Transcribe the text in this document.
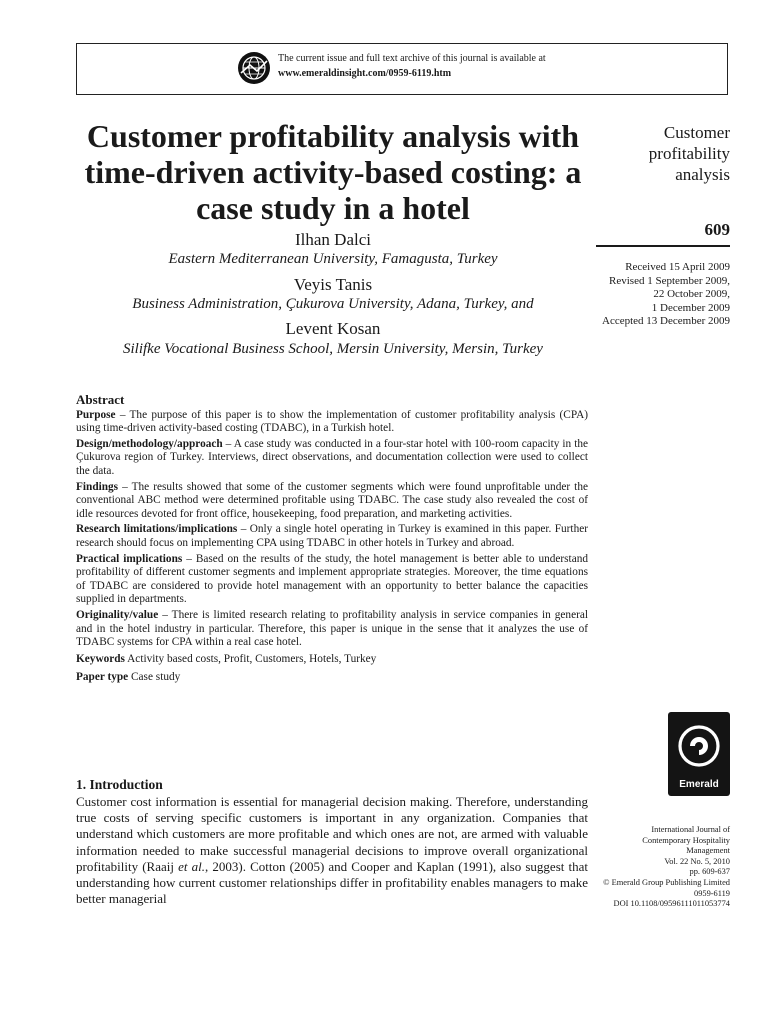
The current issue and full text archive of this journal is available at
www.emeraldinsight.com/0959-6119.htm
Customer profitability analysis with time-driven activity-based costing: a case study in a hotel
Ilhan Dalci
Eastern Mediterranean University, Famagusta, Turkey
Veyis Tanis
Business Administration, Çukurova University, Adana, Turkey, and
Levent Kosan
Silifke Vocational Business School, Mersin University, Mersin, Turkey
Customer profitability analysis
609
Received 15 April 2009
Revised 1 September 2009,
22 October 2009,
1 December 2009
Accepted 13 December 2009
Abstract

Purpose – The purpose of this paper is to show the implementation of customer profitability analysis (CPA) using time-driven activity-based costing (TDABC), in a Turkish hotel.

Design/methodology/approach – A case study was conducted in a four-star hotel with 100-room capacity in the Çukurova region of Turkey. Interviews, direct observations, and documentation collection were used to collect the data.

Findings – The results showed that some of the customer segments which were found unprofitable under the conventional ABC method were determined profitable using TDABC. The case study also revealed the cost of idle resources devoted for front office, housekeeping, food preparation, and marketing activities.

Research limitations/implications – Only a single hotel operating in Turkey is examined in this paper. Further research should focus on implementing CPA using TDABC in other hotels in Turkey and abroad.

Practical implications – Based on the results of the study, the hotel management is better able to understand profitability of different customer segments and implement appropriate strategies. Moreover, the time equations of TDABC are considered to provide hotel management with an opportunity to better balance the capacities supplied in departments.

Originality/value – There is limited research relating to profitability analysis in service companies in general and in the hotel industry in particular. Therefore, this paper is unique in the sense that it analyzes the use of TDABC systems for CPA within a real case hotel.

Keywords Activity based costs, Profit, Customers, Hotels, Turkey

Paper type Case study

Emerald
1. Introduction
Customer cost information is essential for managerial decision making. Therefore, understanding true costs of serving specific customers is important in any organization. Companies that understand which customers are more profitable and which ones are not, are armed with valuable information needed to make successful managerial decisions to improve overall organizational profitability (Raaij et al., 2003). Cotton (2005) and Cooper and Kaplan (1991), also suggest that understanding how current customer relationships differ in profitability enables managers to make better managerial
International Journal of
Contemporary Hospitality
Management
Vol. 22 No. 5, 2010
pp. 609-637
© Emerald Group Publishing Limited
0959-6119
DOI 10.1108/09596111011053774
